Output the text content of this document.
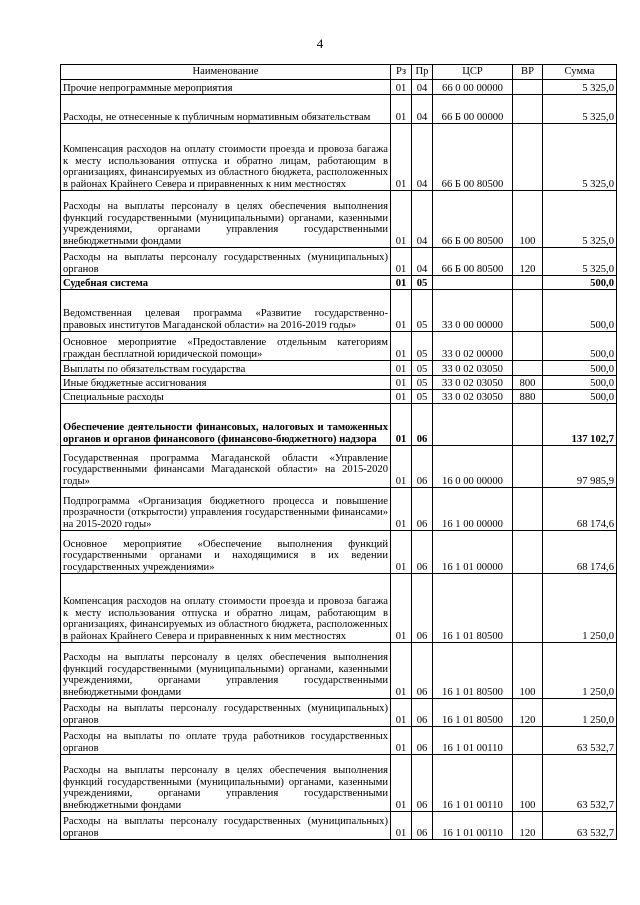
4
Наименование	Рз	Пр	ЦСР	ВР	Сумма
Прочие непрограммные мероприятия	01	04	66 0 00 00000		5 325,0
Расходы, не отнесенные к публичным нормативным обязательствам	01	04	66 Б 00 00000		5 325,0
Компенсация расходов на оплату стоимости проезда и провоза багажа к месту использования отпуска и обратно лицам, работающим в организациях, финансируемых из областного бюджета, расположенных в районах Крайнего Севера и приравненных к ним местностях	01	04	66 Б 00 80500		5 325,0
Расходы на выплаты персоналу в целях обеспечения выполнения функций государственными (муниципальными) органами, казенными учреждениями, органами управления государственными внебюджетными фондами	01	04	66 Б 00 80500	100	5 325,0
Расходы на выплаты персоналу государственных (муниципальных) органов	01	04	66 Б 00 80500	120	5 325,0
Судебная система	01	05			500,0
Ведомственная целевая программа «Развитие государственно-правовых институтов Магаданской области» на 2016-2019 годы»	01	05	33 0 00 00000		500,0
Основное мероприятие «Предоставление отдельным категориям граждан бесплатной юридической помощи»	01	05	33 0 02 00000		500,0
Выплаты по обязательствам государства	01	05	33 0 02 03050		500,0
Иные бюджетные ассигнования	01	05	33 0 02 03050	800	500,0
Специальные расходы	01	05	33 0 02 03050	880	500,0
Обеспечение деятельности финансовых, налоговых и таможенных органов и органов финансового (финансово-бюджетного) надзора	01	06			137 102,7
Государственная программа Магаданской области «Управление государственными финансами Магаданской области» на 2015-2020 годы»	01	06	16 0 00 00000		97 985,9
Подпрограмма «Организация бюджетного процесса и повышение прозрачности (открытости) управления государственными финансами» на 2015-2020 годы»	01	06	16 1 00 00000		68 174,6
Основное мероприятие «Обеспечение выполнения функций государственными органами и находящимися в их ведении государственных учреждениями»	01	06	16 1 01 00000		68 174,6
Компенсация расходов на оплату стоимости проезда и провоза багажа к месту использования отпуска и обратно лицам, работающим в организациях, финансируемых из областного бюджета, расположенных в районах Крайнего Севера и приравненных к ним местностях	01	06	16 1 01 80500		1 250,0
Расходы на выплаты персоналу в целях обеспечения выполнения функций государственными (муниципальными) органами, казенными учреждениями, органами управления государственными внебюджетными фондами	01	06	16 1 01 80500	100	1 250,0
Расходы на выплаты персоналу государственных (муниципальных) органов	01	06	16 1 01 80500	120	1 250,0
Расходы на выплаты по оплате труда работников государственных органов	01	06	16 1 01 00110		63 532,7
Расходы на выплаты персоналу в целях обеспечения выполнения функций государственными (муниципальными) органами, казенными учреждениями, органами управления государственными внебюджетными фондами	01	06	16 1 01 00110	100	63 532,7
Расходы на выплаты персоналу государственных (муниципальных) органов	01	06	16 1 01 00110	120	63 532,7
